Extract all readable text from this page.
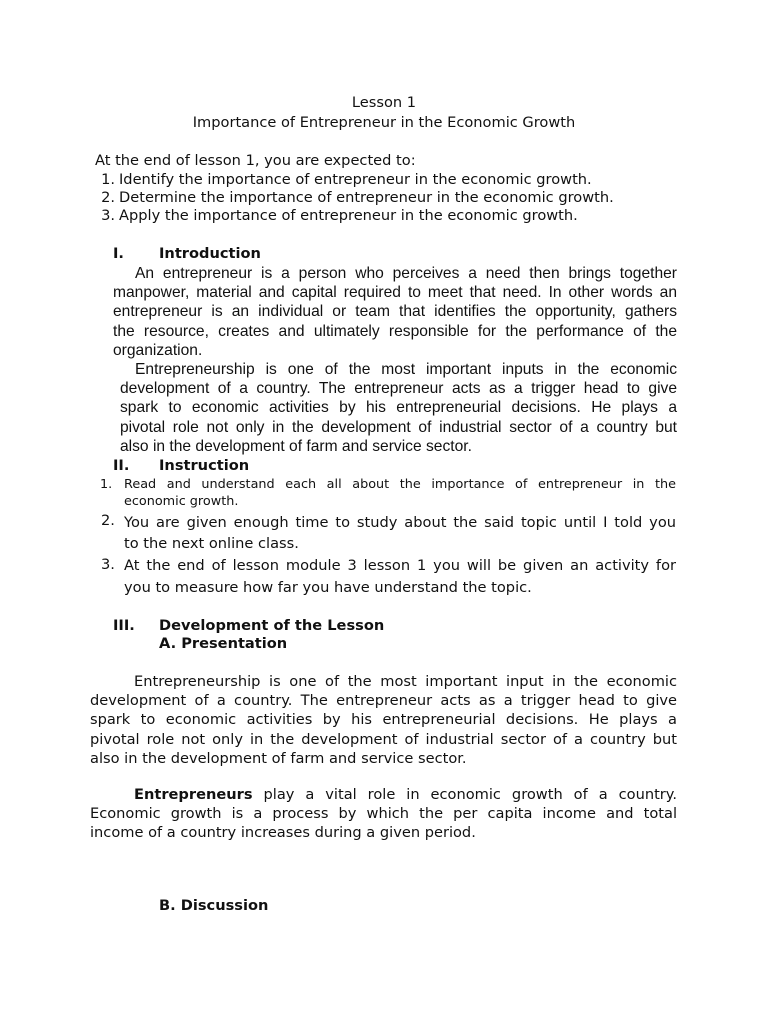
Lesson 1

Importance of Entrepreneur in the Economic Growth

At the end of lesson 1, you are expected to:

1. Identify the importance of entrepreneur in the economic growth.

2. Determine the importance of entrepreneur in the economic growth.

3. Apply the importance of entrepreneur in the economic growth.

I. Introduction

An entrepreneur is a person who perceives a need then brings together
manpower, material and capital required to meet that need. In other words an
entrepreneur is an individual or team that identifies the opportunity, gathers
the resource, creates and ultimately responsible for the performance of the
organization.
Entrepreneurship is one of the most important inputs in the economic
development of a country. The entrepreneur acts as a trigger head to give
spark to economic activities by his entrepreneurial decisions. He plays a
pivotal role not only in the development of industrial sector of a country but
also in the development of farm and service sector.

II. Instruction

1. Read and understand each all about the importance of entrepreneur in the
economic growth.

2. You are given enough time to study about the said topic until I told you
to the next online class.

3. At the end of lesson module 3 lesson 1 you will be given an activity for
you to measure how far you have understand the topic.

III. Development of the Lesson

A. Presentation

Entrepreneurship is one of the most important input in the economic
development of a country. The entrepreneur acts as a trigger head to give
spark to economic activities by his entrepreneurial decisions. He plays a
pivotal role not only in the development of industrial sector of a country but
also in the development of farm and service sector.
Entrepreneurs play a vital role in economic growth of a country.
Economic growth is a process by which the per capita income and total
income of a country increases during a given period.

B. Discussion
